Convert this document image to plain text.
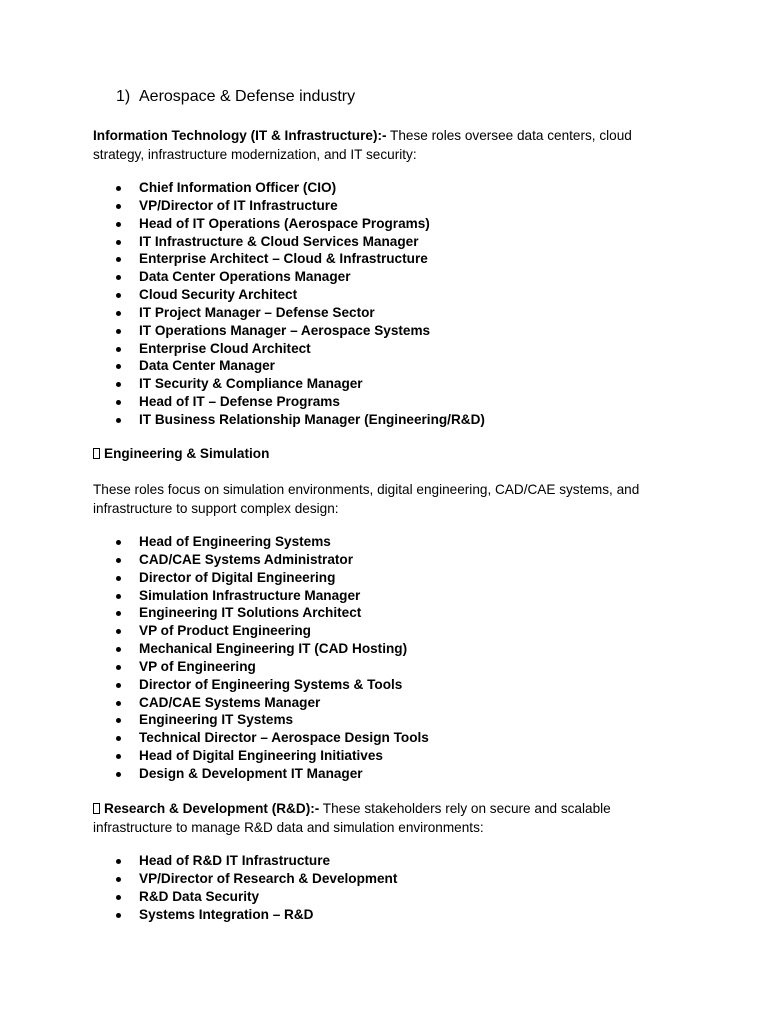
1) Aerospace & Defense industry

Information Technology (IT & Infrastructure):- These roles oversee data centers, cloud strategy, infrastructure modernization, and IT security:

Chief Information Officer (CIO)
VP/Director of IT Infrastructure
Head of IT Operations (Aerospace Programs)
IT Infrastructure & Cloud Services Manager
Enterprise Architect – Cloud & Infrastructure
Data Center Operations Manager
Cloud Security Architect
IT Project Manager – Defense Sector
IT Operations Manager – Aerospace Systems
Enterprise Cloud Architect
Data Center Manager
IT Security & Compliance Manager
Head of IT – Defense Programs
IT Business Relationship Manager (Engineering/R&D)

Engineering & Simulation

These roles focus on simulation environments, digital engineering, CAD/CAE systems, and infrastructure to support complex design:

Head of Engineering Systems
CAD/CAE Systems Administrator
Director of Digital Engineering
Simulation Infrastructure Manager
Engineering IT Solutions Architect
VP of Product Engineering
Mechanical Engineering IT (CAD Hosting)
VP of Engineering
Director of Engineering Systems & Tools
CAD/CAE Systems Manager
Engineering IT Systems
Technical Director – Aerospace Design Tools
Head of Digital Engineering Initiatives
Design & Development IT Manager

Research & Development (R&D):- These stakeholders rely on secure and scalable infrastructure to manage R&D data and simulation environments:

Head of R&D IT Infrastructure
VP/Director of Research & Development
R&D Data Security
Systems Integration – R&D
